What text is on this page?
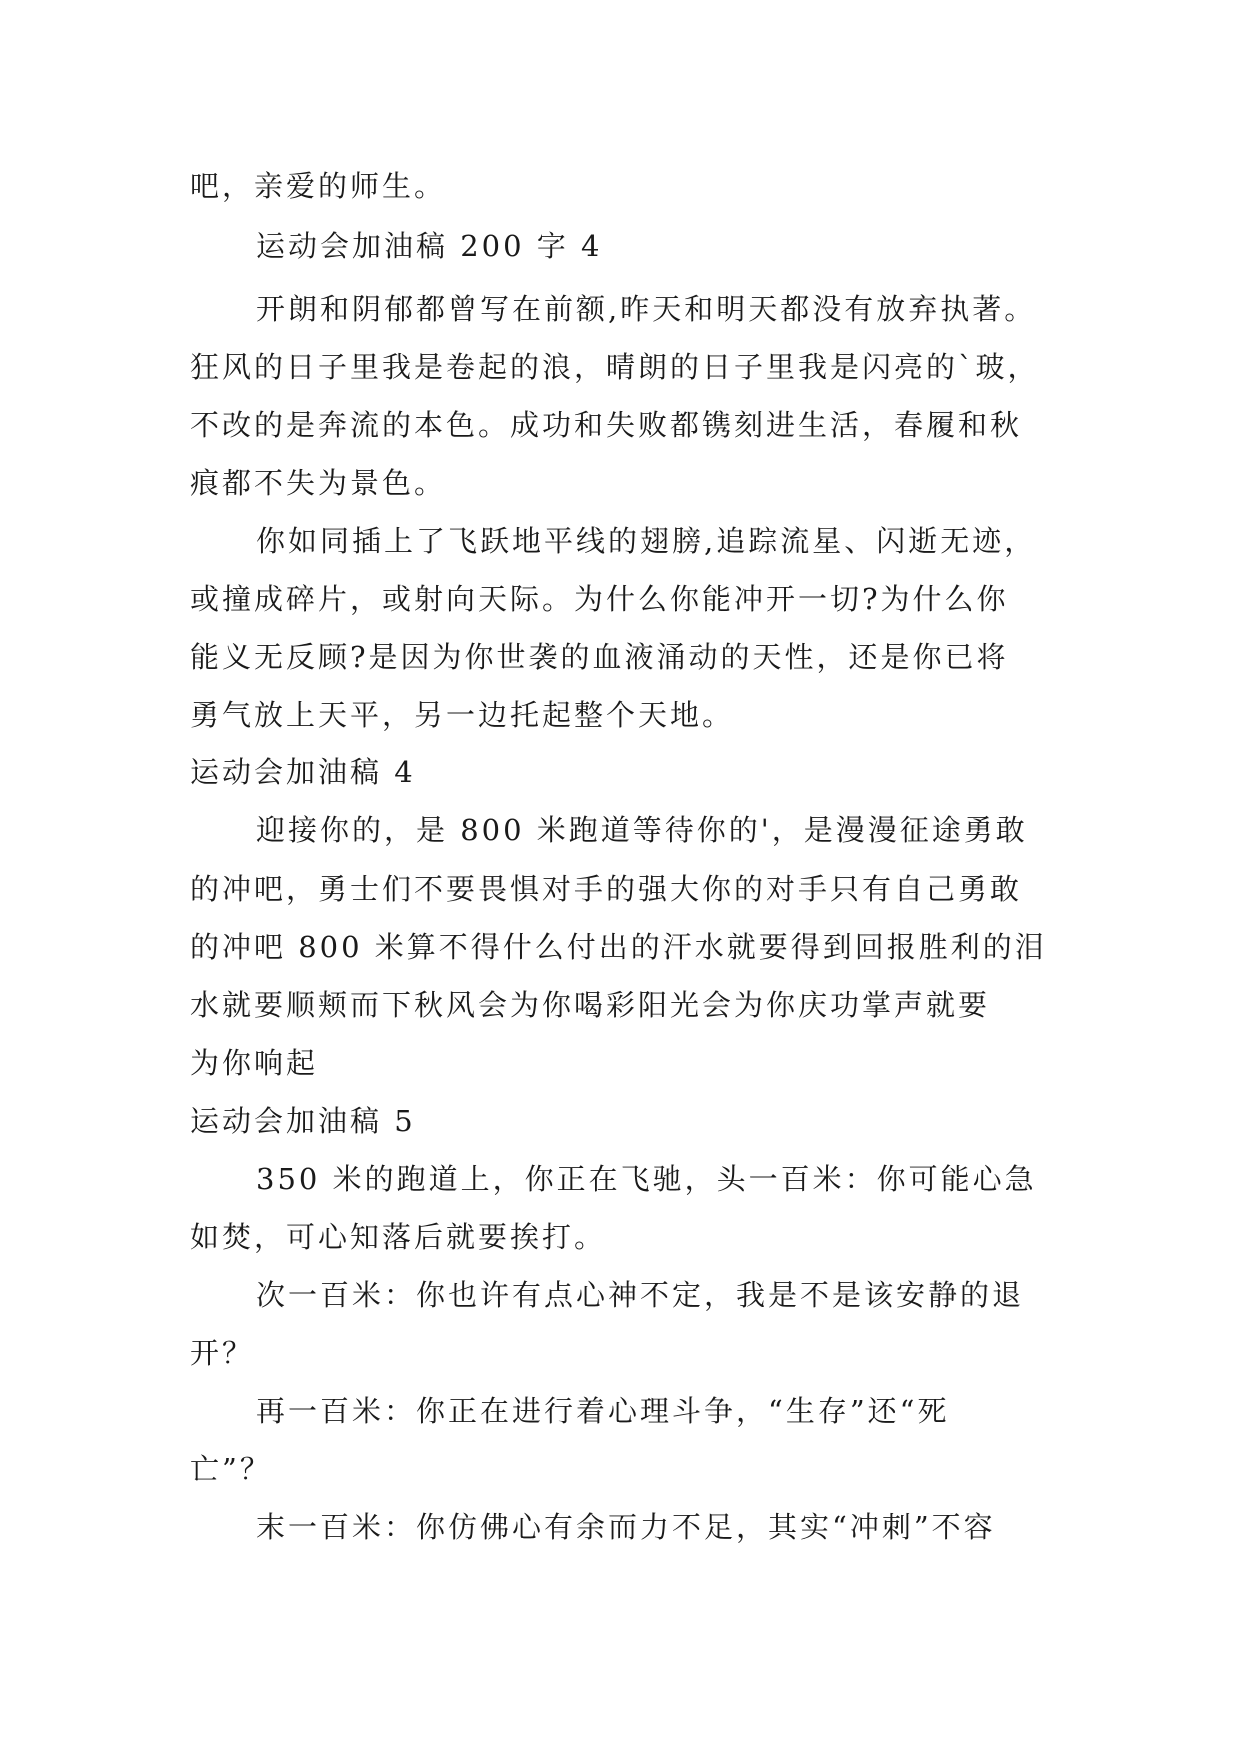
吧，亲爱的师生。
运动会加油稿 200 字 4
开朗和阴郁都曾写在前额,昨天和明天都没有放弃执著。
狂风的日子里我是卷起的浪，晴朗的日子里我是闪亮的`玻，
不改的是奔流的本色。成功和失败都镌刻进生活，春履和秋
痕都不失为景色。
你如同插上了飞跃地平线的翅膀,追踪流星、闪逝无迹，
或撞成碎片，或射向天际。为什么你能冲开一切?为什么你
能义无反顾?是因为你世袭的血液涌动的天性，还是你已将
勇气放上天平，另一边托起整个天地。
运动会加油稿 4
迎接你的，是 800 米跑道等待你的'，是漫漫征途勇敢
的冲吧，勇士们不要畏惧对手的强大你的对手只有自己勇敢
的冲吧 800 米算不得什么付出的汗水就要得到回报胜利的泪
水就要顺颊而下秋风会为你喝彩阳光会为你庆功掌声就要
为你响起
运动会加油稿 5
350 米的跑道上，你正在飞驰，头一百米：你可能心急
如焚，可心知落后就要挨打。
次一百米：你也许有点心神不定，我是不是该安静的退
开？
再一百米：你正在进行着心理斗争，“生存”还“死
亡”？
末一百米：你仿佛心有余而力不足，其实“冲刺”不容
